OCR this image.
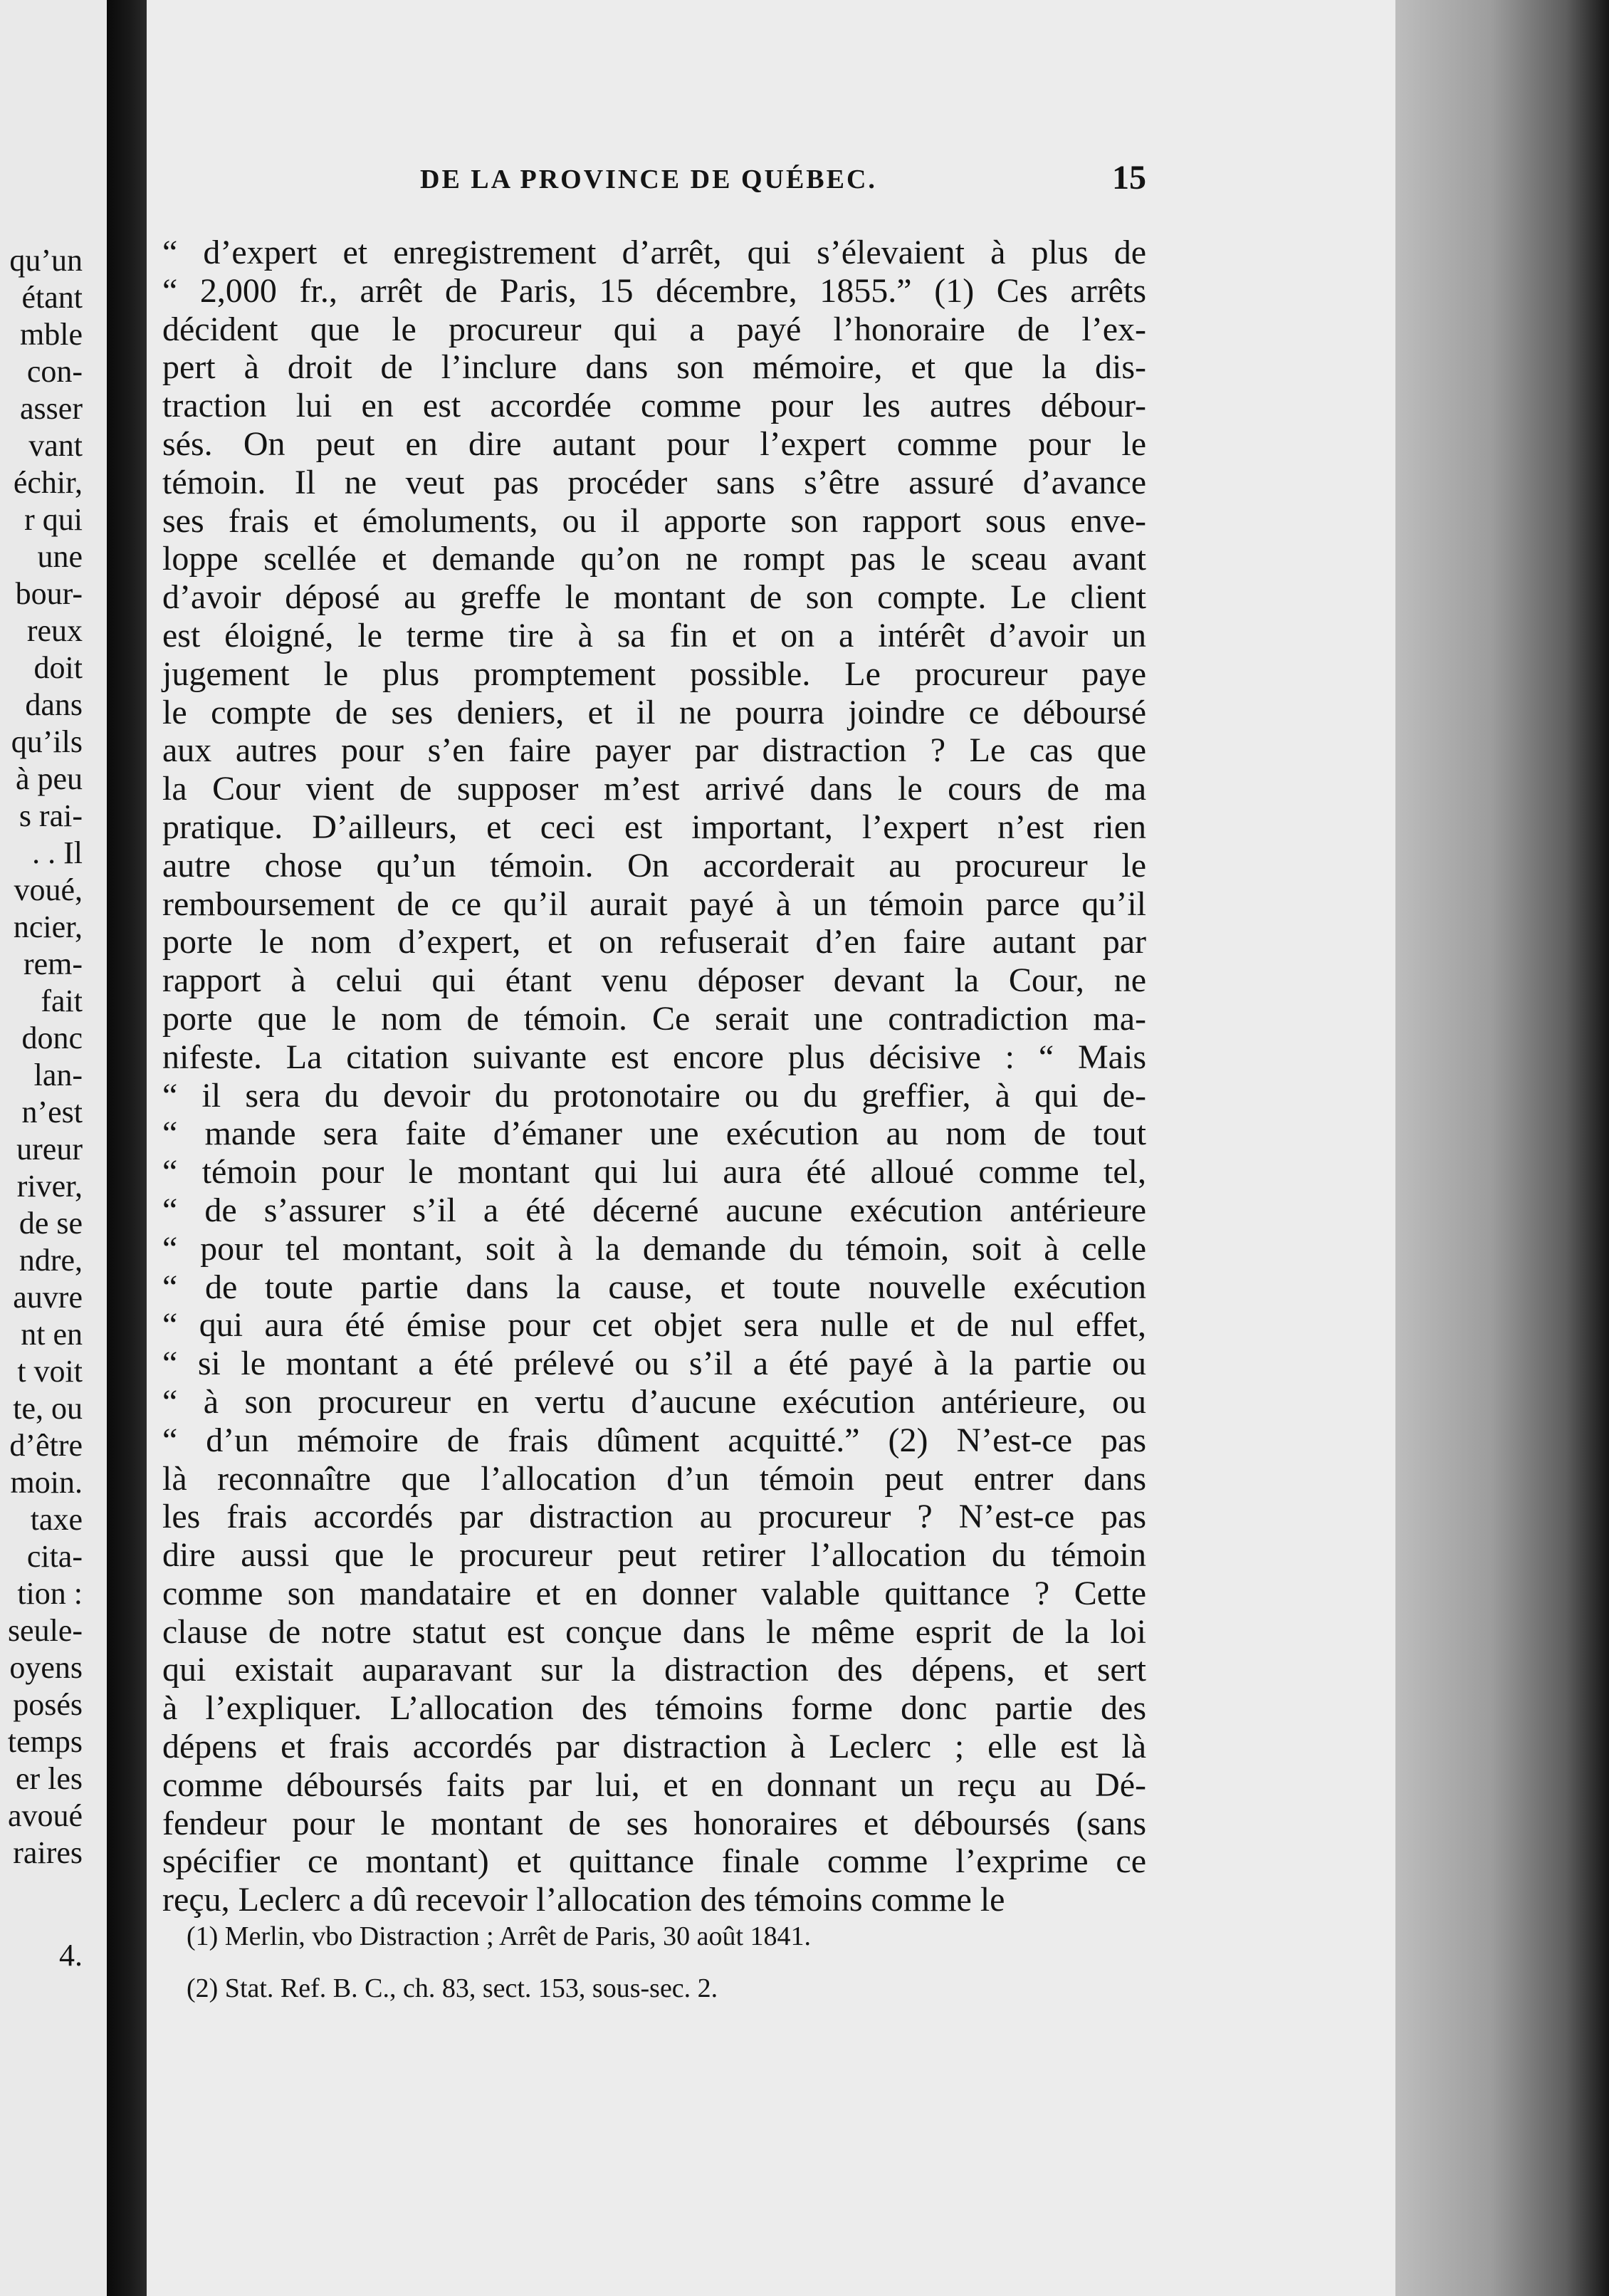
qu’un
étant
mble
con-
asser
vant
échir,
r qui
une
bour-
reux
doit
dans
qu’ils
à peu
s rai-
. . Il
voué,
ncier,
rem-
fait
donc
lan-
n’est
ureur
river,
de se
ndre,
auvre
nt en
t voit
te, ou
d’être
moin.
taxe
cita-
tion :
seule-
oyens
posés
temps
er les
avoué
raires
4.
DE LA PROVINCE DE QUÉBEC.	15
“ d’expert et enregistrement d’arrêt, qui s’élevaient à plus de
“ 2,000 fr., arrêt de Paris, 15 décembre, 1855.” (1) Ces arrêts
décident que le procureur qui a payé l’honoraire de l’ex-
pert à droit de l’inclure dans son mémoire, et que la dis-
traction lui en est accordée comme pour les autres débour-
sés. On peut en dire autant pour l’expert comme pour le
témoin. Il ne veut pas procéder sans s’être assuré d’avance
ses frais et émoluments, ou il apporte son rapport sous enve-
loppe scellée et demande qu’on ne rompt pas le sceau avant
d’avoir déposé au greffe le montant de son compte. Le client
est éloigné, le terme tire à sa fin et on a intérêt d’avoir un
jugement le plus promptement possible. Le procureur paye
le compte de ses deniers, et il ne pourra joindre ce déboursé
aux autres pour s’en faire payer par distraction ? Le cas que
la Cour vient de supposer m’est arrivé dans le cours de ma
pratique. D’ailleurs, et ceci est important, l’expert n’est rien
autre chose qu’un témoin. On accorderait au procureur le
remboursement de ce qu’il aurait payé à un témoin parce qu’il
porte le nom d’expert, et on refuserait d’en faire autant par
rapport à celui qui étant venu déposer devant la Cour, ne
porte que le nom de témoin. Ce serait une contradiction ma-
nifeste. La citation suivante est encore plus décisive : “ Mais
“ il sera du devoir du protonotaire ou du greffier, à qui de-
“ mande sera faite d’émaner une exécution au nom de tout
“ témoin pour le montant qui lui aura été alloué comme tel,
“ de s’assurer s’il a été décerné aucune exécution antérieure
“ pour tel montant, soit à la demande du témoin, soit à celle
“ de toute partie dans la cause, et toute nouvelle exécution
“ qui aura été émise pour cet objet sera nulle et de nul effet,
“ si le montant a été prélevé ou s’il a été payé à la partie ou
“ à son procureur en vertu d’aucune exécution antérieure, ou
“ d’un mémoire de frais dûment acquitté.” (2) N’est-ce pas
là reconnaître que l’allocation d’un témoin peut entrer dans
les frais accordés par distraction au procureur ? N’est-ce pas
dire aussi que le procureur peut retirer l’allocation du témoin
comme son mandataire et en donner valable quittance ? Cette
clause de notre statut est conçue dans le même esprit de la loi
qui existait auparavant sur la distraction des dépens, et sert
à l’expliquer. L’allocation des témoins forme donc partie des
dépens et frais accordés par distraction à Leclerc ; elle est là
comme déboursés faits par lui, et en donnant un reçu au Dé-
fendeur pour le montant de ses honoraires et déboursés (sans
spécifier ce montant) et quittance finale comme l’exprime ce
reçu, Leclerc a dû recevoir l’allocation des témoins comme le
(1) Merlin, vbo Distraction ; Arrêt de Paris, 30 août 1841.
(2) Stat. Ref. B. C., ch. 83, sect. 153, sous-sec. 2.
